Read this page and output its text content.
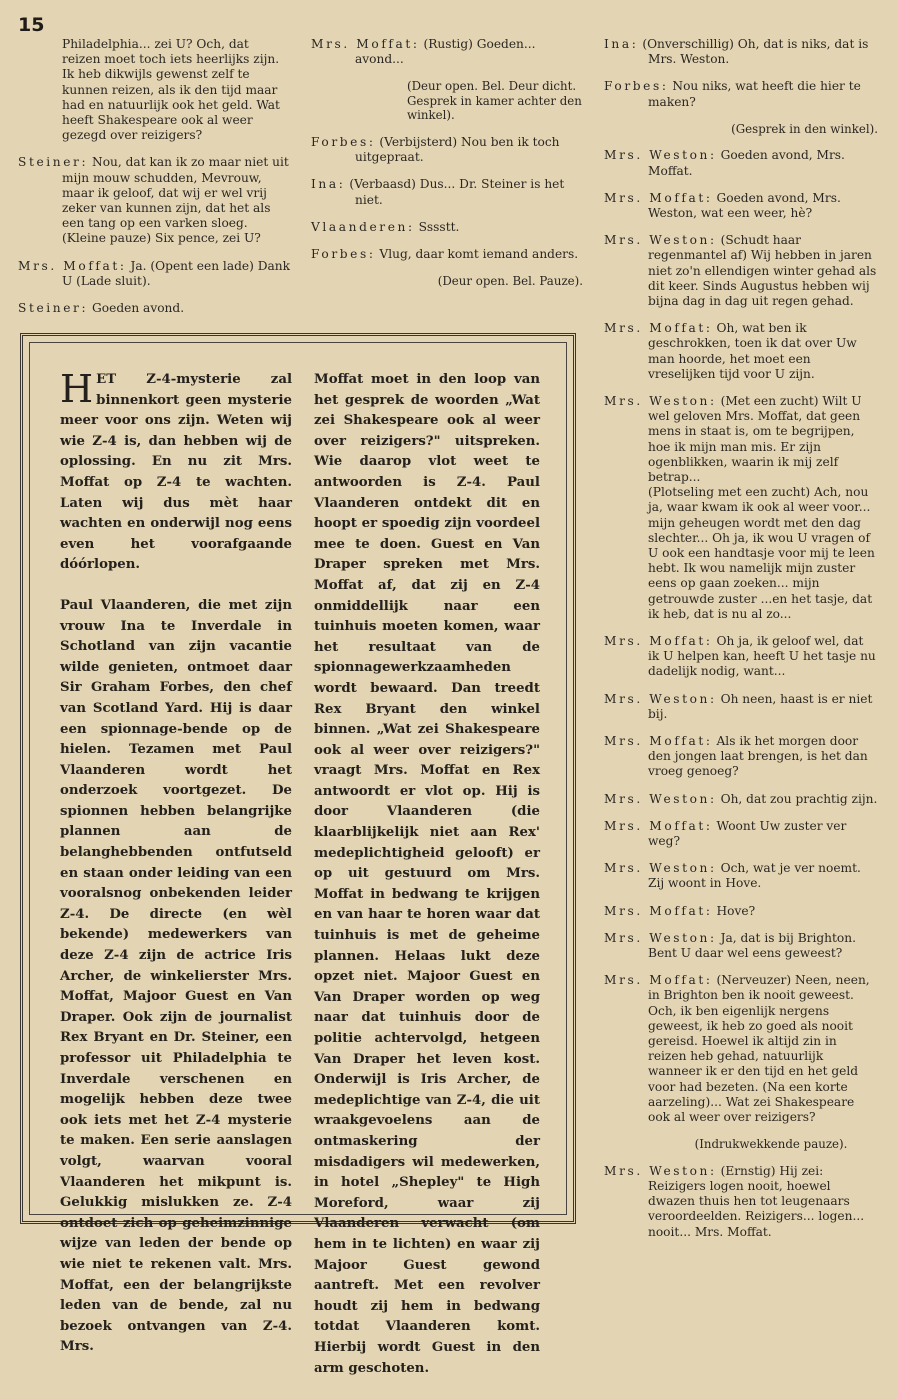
15

Philadelphia... zei U? Och, dat reizen moet toch iets heerlijks zijn. Ik heb dikwijls gewenst zelf te kunnen reizen, als ik den tijd maar had en natuurlijk ook het geld. Wat heeft Shakespeare ook al weer gezegd over reizigers?

Steiner: Nou, dat kan ik zo maar niet uit mijn mouw schudden, Mevrouw, maar ik geloof, dat wij er wel vrij zeker van kunnen zijn, dat het als een tang op een varken sloeg. (Kleine pauze) Six pence, zei U?

Mrs. Moffat: Ja. (Opent een lade) Dank U (Lade sluit).

Steiner: Goeden avond.

Mrs. Moffat: (Rustig) Goeden... avond...

(Deur open. Bel. Deur dicht. Gesprek in kamer achter den winkel).

Forbes: (Verbijsterd) Nou ben ik toch uitgepraat.

Ina: (Verbaasd) Dus... Dr. Steiner is het niet.

Vlaanderen: Sssstt.

Forbes: Vlug, daar komt iemand anders.

(Deur open. Bel. Pauze).

Ina: (Onverschillig) Oh, dat is niks, dat is Mrs. Weston.

Forbes: Nou niks, wat heeft die hier te maken?

(Gesprek in den winkel).

Mrs. Weston: Goeden avond, Mrs. Moffat.

Mrs. Moffat: Goeden avond, Mrs. Weston, wat een weer, hè?

Mrs. Weston: (Schudt haar regenmantel af) Wij hebben in jaren niet zo'n ellendigen winter gehad als dit keer. Sinds Augustus hebben wij bijna dag in dag uit regen gehad.

Mrs. Moffat: Oh, wat ben ik geschrokken, toen ik dat over Uw man hoorde, het moet een vreselijken tijd voor U zijn.

Mrs. Weston: (Met een zucht) Wilt U wel geloven Mrs. Moffat, dat geen mens in staat is, om te begrijpen, hoe ik mijn man mis. Er zijn ogenblikken, waarin ik mij zelf betrap...

(Plotseling met een zucht) Ach, nou ja, waar kwam ik ook al weer voor... mijn geheugen wordt met den dag slechter... Oh ja, ik wou U vragen of U ook een handtasje voor mij te leen hebt. Ik wou namelijk mijn zuster eens op gaan zoeken... mijn getrouwde zuster ...en het tasje, dat ik heb, dat is nu al zo...

Mrs. Moffat: Oh ja, ik geloof wel, dat ik U helpen kan, heeft U het tasje nu dadelijk nodig, want...

Mrs. Weston: Oh neen, haast is er niet bij.

Mrs. Moffat: Als ik het morgen door den jongen laat brengen, is het dan vroeg genoeg?

Mrs. Weston: Oh, dat zou prachtig zijn.

Mrs. Moffat: Woont Uw zuster ver weg?

Mrs. Weston: Och, wat je ver noemt. Zij woont in Hove.

Mrs. Moffat: Hove?

Mrs. Weston: Ja, dat is bij Brighton. Bent U daar wel eens geweest?

Mrs. Moffat: (Nerveuzer) Neen, neen, in Brighton ben ik nooit geweest. Och, ik ben eigenlijk nergens geweest, ik heb zo goed als nooit gereisd. Hoewel ik altijd zin in reizen heb gehad, natuurlijk wanneer ik er den tijd en het geld voor had bezeten. (Na een korte aarzeling)... Wat zei Shakespeare ook al weer over reizigers?

(Indrukwekkende pauze).

Mrs. Weston: (Ernstig) Hij zei: Reizigers logen nooit, hoewel dwazen thuis hen tot leugenaars veroordeelden. Reizigers... logen... nooit... Mrs. Moffat.

HET Z-4-mysterie zal binnenkort geen mysterie meer voor ons zijn. Weten wij wie Z-4 is, dan hebben wij de oplossing. En nu zit Mrs. Moffat op Z-4 te wachten. Laten wij dus mèt haar wachten en onderwijl nog eens even het voorafgaande dóórlopen.

Paul Vlaanderen, die met zijn vrouw Ina te Inverdale in Schotland van zijn vacantie wilde genieten, ontmoet daar Sir Graham Forbes, den chef van Scotland Yard. Hij is daar een spionnage-bende op de hielen. Tezamen met Paul Vlaanderen wordt het onderzoek voortgezet. De spionnen hebben belangrijke plannen aan de belanghebbenden ontfutseld en staan onder leiding van een vooralsnog onbekenden leider Z-4. De directe (en wèl bekende) medewerkers van deze Z-4 zijn de actrice Iris Archer, de winkelierster Mrs. Moffat, Majoor Guest en Van Draper. Ook zijn de journalist Rex Bryant en Dr. Steiner, een professor uit Philadelphia te Inverdale verschenen en mogelijk hebben deze twee ook iets met het Z-4 mysterie te maken. Een serie aanslagen volgt, waarvan vooral Vlaanderen het mikpunt is. Gelukkig mislukken ze. Z-4 ontdoet zich op geheimzinnige wijze van leden der bende op wie niet te rekenen valt. Mrs. Moffat, een der belangrijkste leden van de bende, zal nu bezoek ontvangen van Z-4. Mrs.

Moffat moet in den loop van het gesprek de woorden „Wat zei Shakespeare ook al weer over reizigers?" uitspreken. Wie daarop vlot weet te antwoorden is Z-4. Paul Vlaanderen ontdekt dit en hoopt er spoedig zijn voordeel mee te doen. Guest en Van Draper spreken met Mrs. Moffat af, dat zij en Z-4 onmiddellijk naar een tuinhuis moeten komen, waar het resultaat van de spionnagewerkzaamheden wordt bewaard. Dan treedt Rex Bryant den winkel binnen. „Wat zei Shakespeare ook al weer over reizigers?" vraagt Mrs. Moffat en Rex antwoordt er vlot op. Hij is door Vlaanderen (die klaarblijkelijk niet aan Rex' medeplichtigheid gelooft) er op uit gestuurd om Mrs. Moffat in bedwang te krijgen en van haar te horen waar dat tuinhuis is met de geheime plannen. Helaas lukt deze opzet niet. Majoor Guest en Van Draper worden op weg naar dat tuinhuis door de politie achtervolgd, hetgeen Van Draper het leven kost. Onderwijl is Iris Archer, de medeplichtige van Z-4, die uit wraakgevoelens aan de ontmaskering der misdadigers wil medewerken, in hotel „Shepley" te High Moreford, waar zij Vlaanderen verwacht (om hem in te lichten) en waar zij Majoor Guest gewond aantreft. Met een revolver houdt zij hem in bedwang totdat Vlaanderen komt. Hierbij wordt Guest in den arm geschoten.
